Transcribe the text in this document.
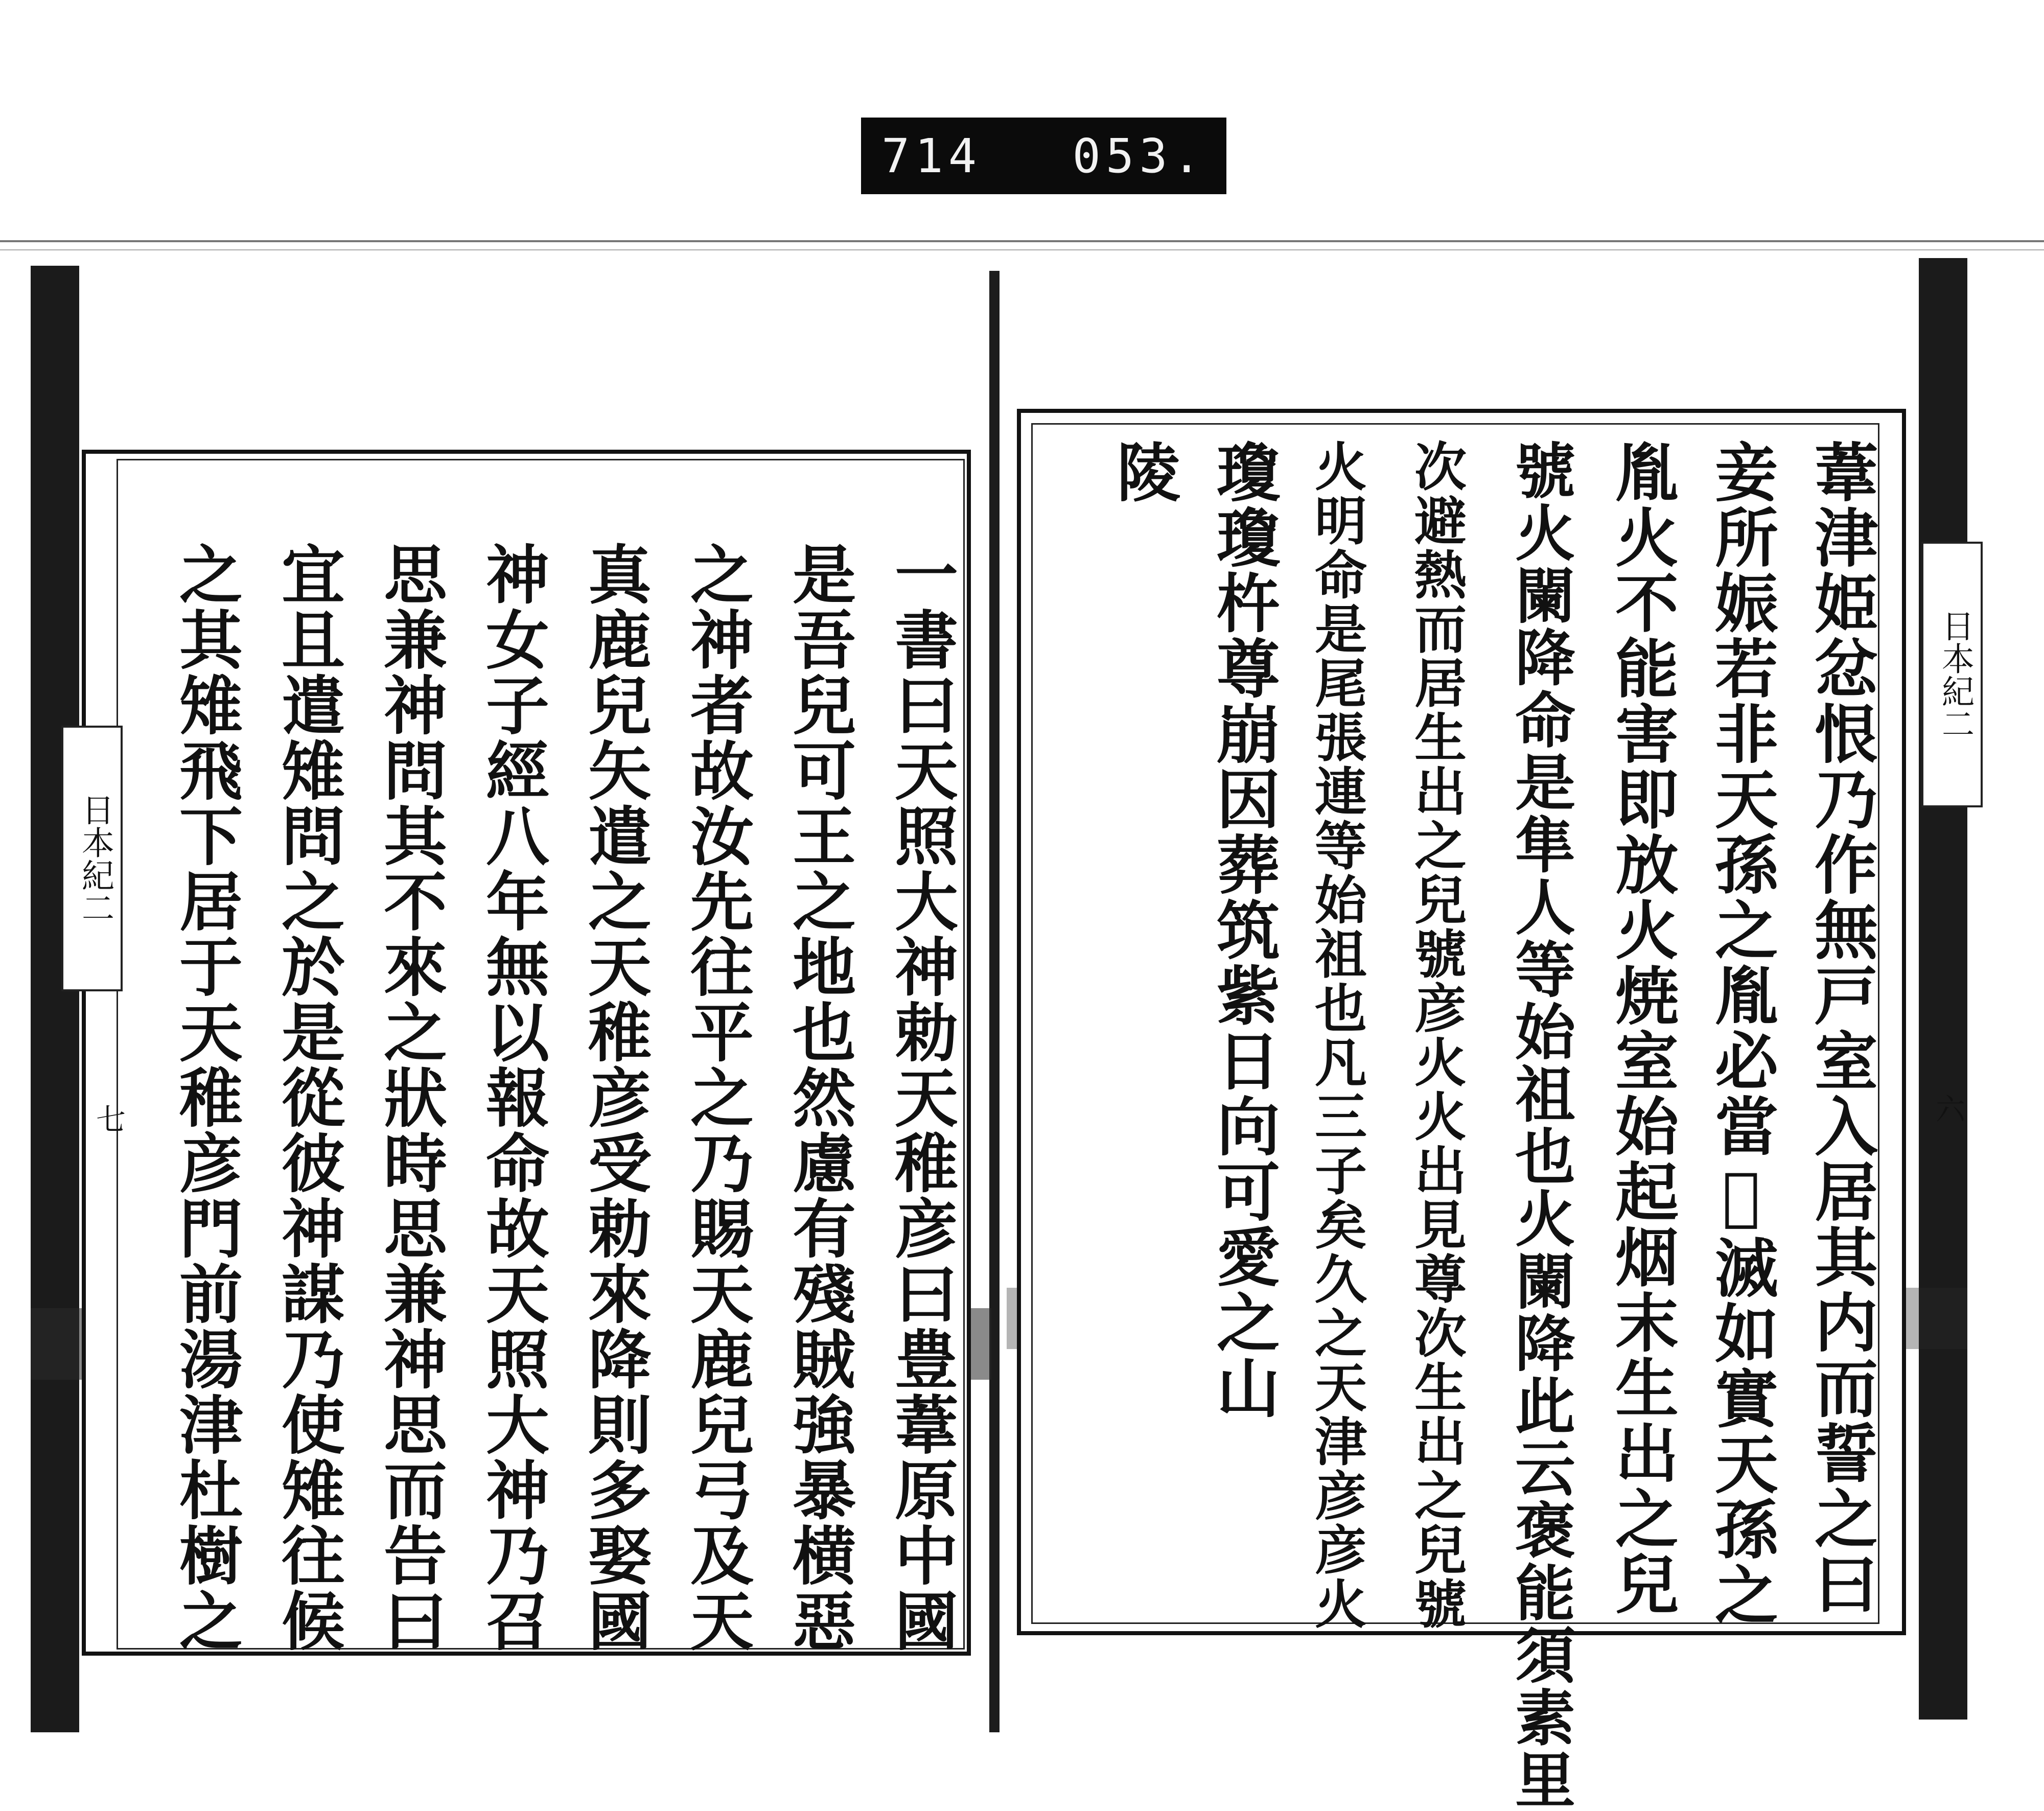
714 053.
日本紀二
七	一書曰天照大神勅天稚彦曰豊葦原中國
是吾兒可王之地也然慮有殘賊強暴横惡
之神者故汝先往平之乃賜天鹿兒弓及天
真鹿兒矢遣之天稚彦受勅來降則多娶國
神女子經八年無以報命故天照大神乃召
思兼神問其不來之狀時思兼神思而告曰
宜且遣雉問之於是從彼神謀乃使雉往候
之其雉飛下居于天稚彦門前湯津杜樹之	日本紀二
六
葦津姫忿恨乃作無戸室入居其内而誓之曰
妾所娠若非天孫之胤必當𤓰滅如實天孫之
胤火不能害即放火焼室始起烟末生出之兒
號火闌降命是隼人等始祖也火闌降此云褒能須素里
次避熱而居生出之兒號彦火火出見尊次生出之兒號
火明命是尾張連等始祖也凡三子矣久之天津彦彦火
瓊瓊杵尊崩因葬筑紫日向可愛之山
陵
